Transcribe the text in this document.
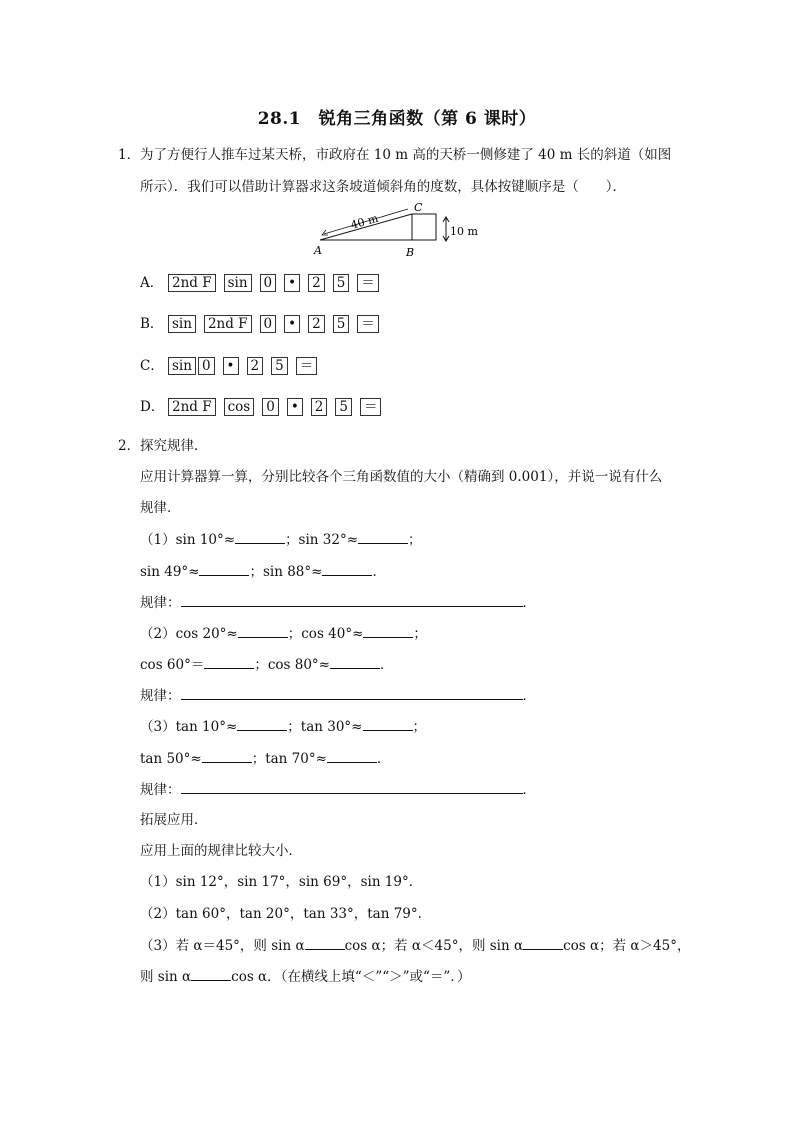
28.1　锐角三角函数（第 6 课时）
1． 为了方便行人推车过某天桥，市政府在 10 m 高的天桥一侧修建了 40 m 长的斜道（如图
所示）．我们可以借助计算器求这条坡道倾斜角的度数，具体按键顺序是（　　）．
40 m	10 m
A	B
C
A． 2nd F sin 0 • 2 5 ＝
B． sin 2nd F 0 • 2 5 ＝
C． sin 0 • 2 5 ＝
D． 2nd F cos 0 • 2 5 ＝
2． 探究规律．
应用计算器算一算，分别比较各个三角函数值的大小（精确到 0.001），并说一说有什么
规律．
（1）sin 10°≈	；sin 32°≈	；
sin 49°≈	；sin 88°≈	．
规律：	．
（2）cos 20°≈	；cos 40°≈	；
cos 60°＝	；cos 80°≈	．
规律：	．
（3）tan 10°≈	；tan 30°≈	；
tan 50°≈	；tan 70°≈	．
规律：	．
拓展应用．
应用上面的规律比较大小．
（1）sin 12°，sin 17°，sin 69°，sin 19°．
（2）tan 60°，tan 20°，tan 33°，tan 79°．
（3）若 α＝45°，则 sin α	cos α；若 α＜45°，则 sin α	cos α；若 α＞45°，
则 sin α	cos α．（在横线上填“＜”“＞”或“＝”．）
